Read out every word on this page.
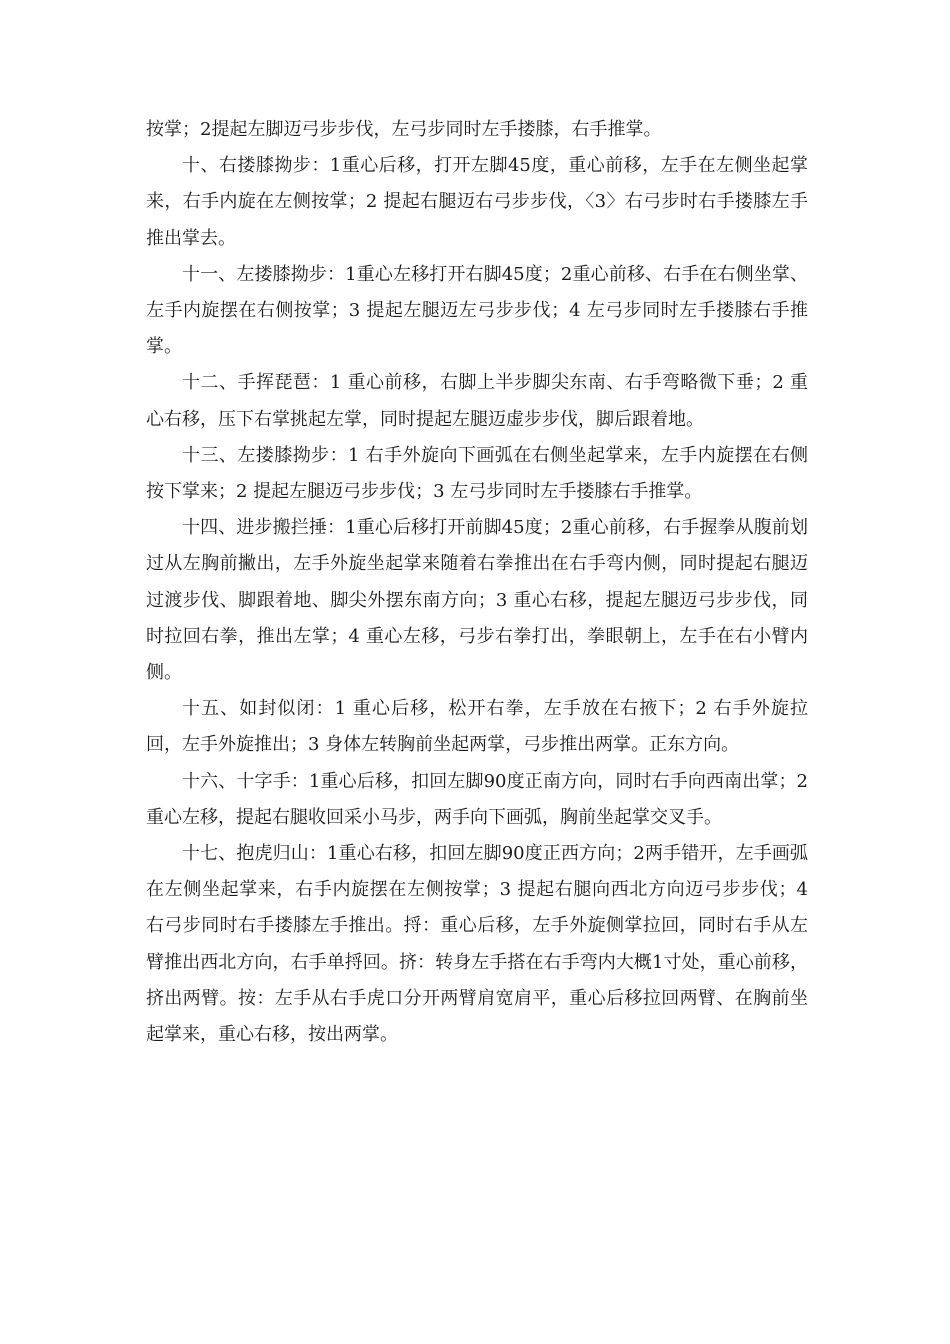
按掌；2提起左脚迈弓步步伐，左弓步同时左手搂膝，右手推掌。

十、右搂膝拗步：1重心后移，打开左脚45度，重心前移，左手在左侧坐起掌来，右手内旋在左侧按掌；2 提起右腿迈右弓步步伐，〈3〉右弓步时右手搂膝左手推出掌去。

十一、左搂膝拗步：1重心左移打开右脚45度；2重心前移、右手在右侧坐掌、左手内旋摆在右侧按掌；3 提起左腿迈左弓步步伐；4 左弓步同时左手搂膝右手推掌。

十二、手挥琵琶：1 重心前移，右脚上半步脚尖东南、右手弯略微下垂；2 重心右移，压下右掌挑起左掌，同时提起左腿迈虚步步伐，脚后跟着地。

十三、左搂膝拗步：1 右手外旋向下画弧在右侧坐起掌来，左手内旋摆在右侧按下掌来；2 提起左腿迈弓步步伐；3 左弓步同时左手搂膝右手推掌。

十四、进步搬拦捶：1重心后移打开前脚45度；2重心前移，右手握拳从腹前划过从左胸前撇出，左手外旋坐起掌来随着右拳推出在右手弯内侧，同时提起右腿迈过渡步伐、脚跟着地、脚尖外摆东南方向；3 重心右移，提起左腿迈弓步步伐，同时拉回右拳，推出左掌；4 重心左移，弓步右拳打出，拳眼朝上，左手在右小臂内侧。

十五、如封似闭：1 重心后移，松开右拳，左手放在右掖下；2 右手外旋拉回，左手外旋推出；3 身体左转胸前坐起两掌，弓步推出两掌。正东方向。

十六、十字手：1重心后移，扣回左脚90度正南方向，同时右手向西南出掌；2 重心左移，提起右腿收回采小马步，两手向下画弧，胸前坐起掌交叉手。

十七、抱虎归山：1重心右移，扣回左脚90度正西方向；2两手错开，左手画弧在左侧坐起掌来，右手内旋摆在左侧按掌；3 提起右腿向西北方向迈弓步步伐；4 右弓步同时右手搂膝左手推出。捋：重心后移，左手外旋侧掌拉回，同时右手从左臂推出西北方向，右手单捋回。挤：转身左手搭在右手弯内大概1寸处，重心前移，挤出两臂。按：左手从右手虎口分开两臂肩宽肩平，重心后移拉回两臂、在胸前坐起掌来，重心右移，按出两掌。
